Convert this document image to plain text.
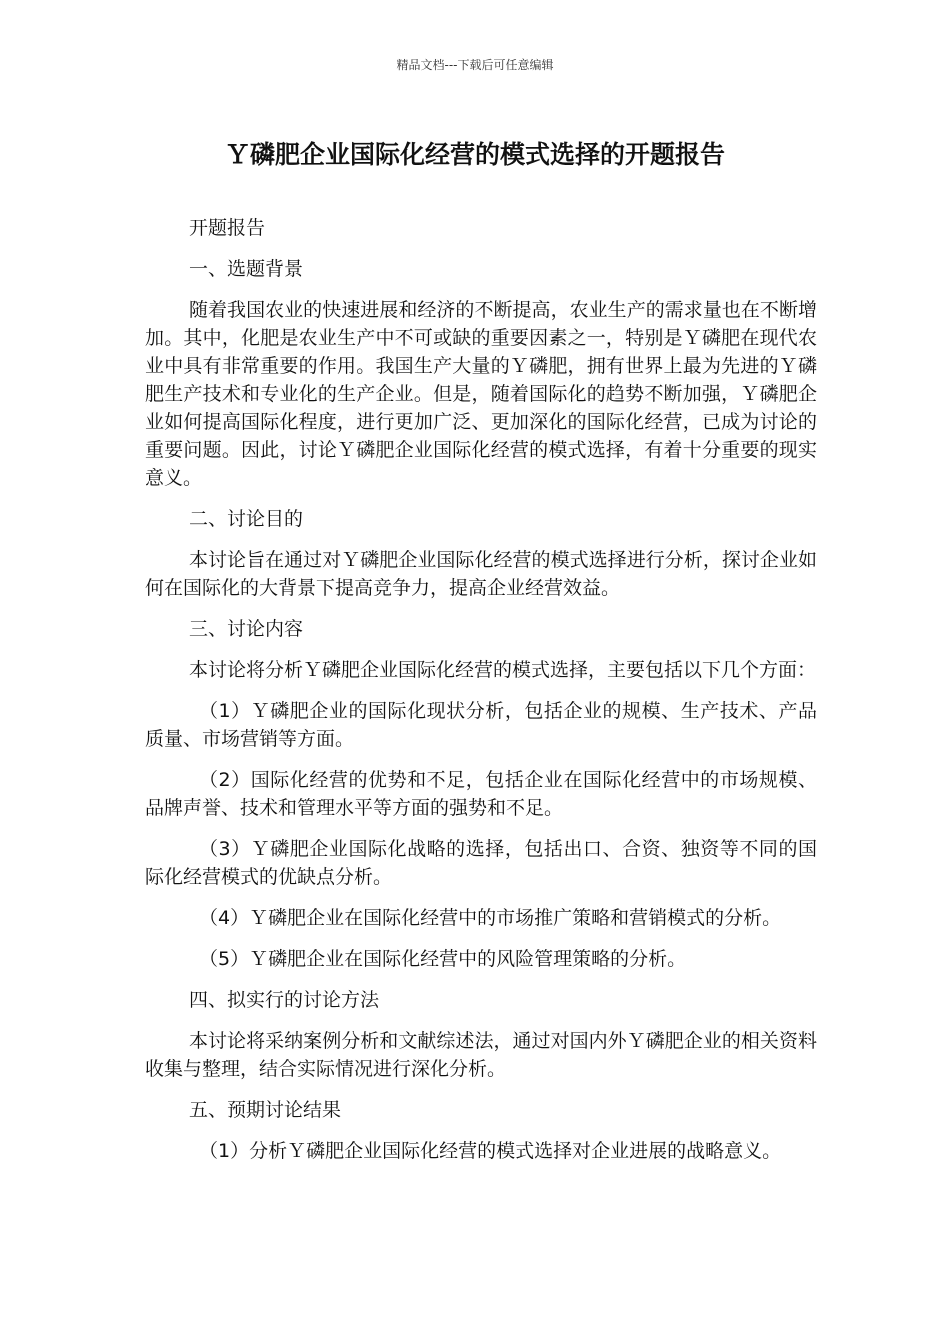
精品文档---下载后可任意编辑
Ｙ磷肥企业国际化经营的模式选择的开题报告

开题报告

一、选题背景

随着我国农业的快速进展和经济的不断提高，农业生产的需求量也在不断增加。其中，化肥是农业生产中不可或缺的重要因素之一，特别是Ｙ磷肥在现代农业中具有非常重要的作用。我国生产大量的Ｙ磷肥，拥有世界上最为先进的Ｙ磷肥生产技术和专业化的生产企业。但是，随着国际化的趋势不断加强，Ｙ磷肥企业如何提高国际化程度，进行更加广泛、更加深化的国际化经营，已成为讨论的重要问题。因此，讨论Ｙ磷肥企业国际化经营的模式选择，有着十分重要的现实意义。

二、讨论目的

本讨论旨在通过对Ｙ磷肥企业国际化经营的模式选择进行分析，探讨企业如何在国际化的大背景下提高竞争力，提高企业经营效益。

三、讨论内容

本讨论将分析Ｙ磷肥企业国际化经营的模式选择，主要包括以下几个方面：

（1）Ｙ磷肥企业的国际化现状分析，包括企业的规模、生产技术、产品质量、市场营销等方面。

（2）国际化经营的优势和不足，包括企业在国际化经营中的市场规模、品牌声誉、技术和管理水平等方面的强势和不足。

（3）Ｙ磷肥企业国际化战略的选择，包括出口、合资、独资等不同的国际化经营模式的优缺点分析。

（4）Ｙ磷肥企业在国际化经营中的市场推广策略和营销模式的分析。

（5）Ｙ磷肥企业在国际化经营中的风险管理策略的分析。

四、拟实行的讨论方法

本讨论将采纳案例分析和文献综述法，通过对国内外Ｙ磷肥企业的相关资料收集与整理，结合实际情况进行深化分析。

五、预期讨论结果

（1）分析Ｙ磷肥企业国际化经营的模式选择对企业进展的战略意义。
